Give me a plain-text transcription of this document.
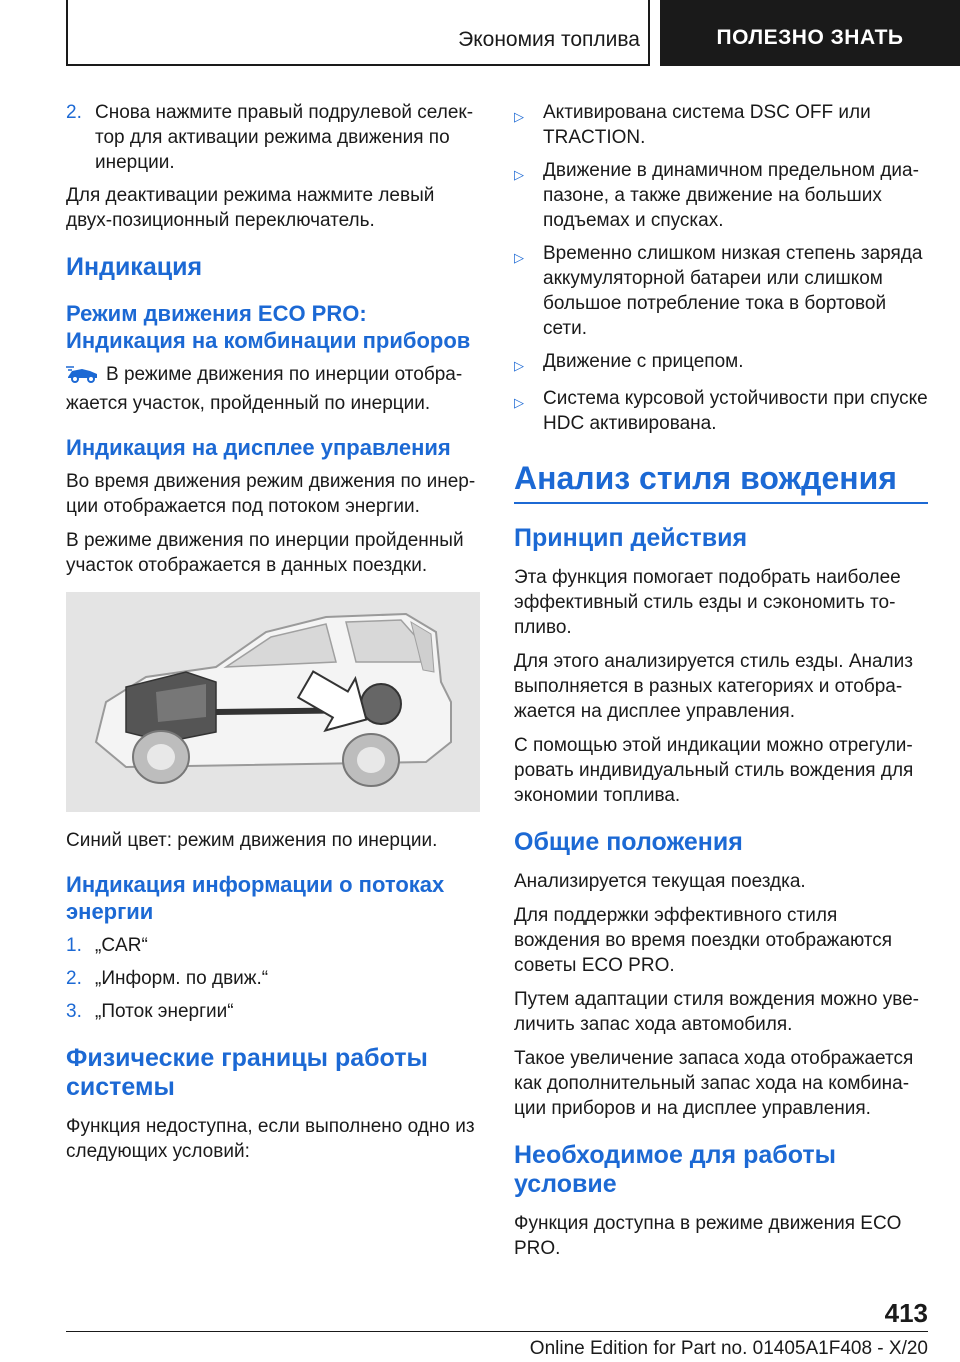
Экономия топлива	ПОЛЕЗНО ЗНАТЬ
2. Снова нажмите правый подрулевой селек-тор для активации режима движения по инерции.

Для деактивации режима нажмите левый двух-позиционный переключатель.

Индикация
Режим движения ECO PRO: Индикация на комбинации приборов

В режиме движения по инерции отобра-жается участок, пройденный по инерции.

Индикация на дисплее управления

Во время движения режим движения по инер-ции отображается под потоком энергии.

В режиме движения по инерции пройденный участок отображается в данных поездки.

Синий цвет: режим движения по инерции.

Индикация информации о потоках энергии
1. „CAR“
2. „Информ. по движ.“
3. „Поток энергии“
Физические границы работы системы

Функция недоступна, если выполнено одно из следующих условий:

▷	Активирована система DSC OFF или TRACTION.
▷	Движение в динамичном предельном диа-пазоне, а также движение на больших подъемах и спусках.
▷	Временно слишком низкая степень заряда аккумуляторной батареи или слишком большое потребление тока в бортовой сети.
▷	Движение с прицепом.
▷	Система курсовой устойчивости при спуске HDC активирована.
Анализ стиля вождения
Принцип действия

Эта функция помогает подобрать наиболее эффективный стиль езды и сэкономить то-пливо.

Для этого анализируется стиль езды. Анализ выполняется в разных категориях и отобра-жается на дисплее управления.

С помощью этой индикации можно отрегули-ровать индивидуальный стиль вождения для экономии топлива.

Общие положения

Анализируется текущая поездка.

Для поддержки эффективного стиля вождения во время поездки отображаются советы ECO PRO.

Путем адаптации стиля вождения можно уве-личить запас хода автомобиля.

Такое увеличение запаса хода отображается как дополнительный запас хода на комбина-ции приборов и на дисплее управления.

Необходимое для работы условие

Функция доступна в режиме движения ECO PRO.

413
Online Edition for Part no. 01405A1F408 - X/20
